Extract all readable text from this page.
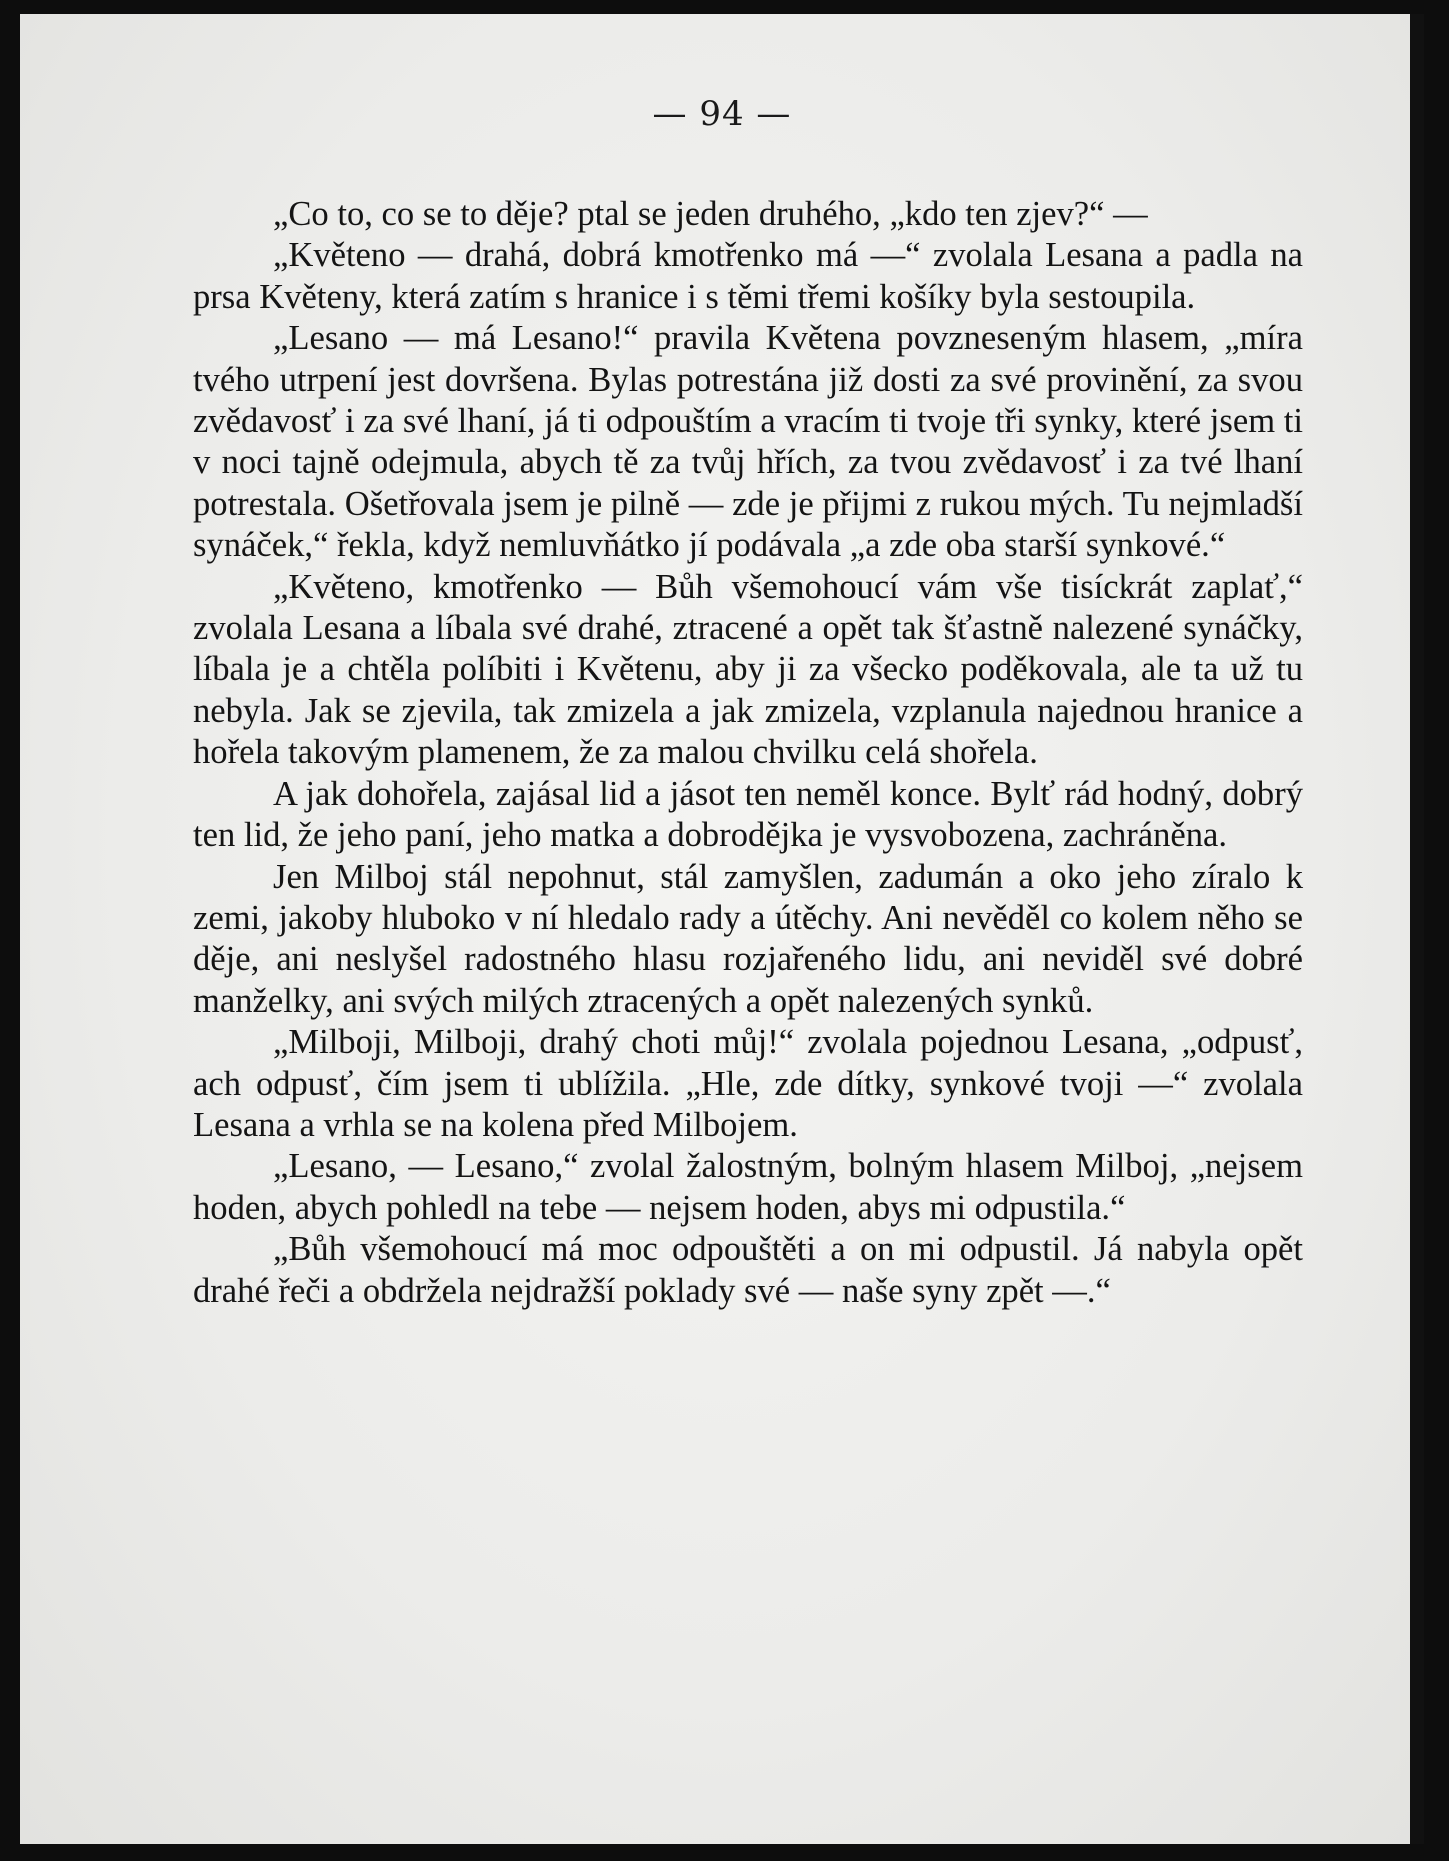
— 94 —

„Co to, co se to děje? ptal se jeden druhého, „kdo ten zjev?“ —

„Květeno — drahá, dobrá kmotřenko má —“ zvolala Lesana a padla na prsa Květeny, která zatím s hranice i s těmi třemi košíky byla sestoupila.

„Lesano — má Lesano!“ pravila Květena povzneseným hlasem, „míra tvého utrpení jest dovršena. Bylas potrestána již dosti za své provinění, za svou zvědavosť i za své lhaní, já ti odpouštím a vracím ti tvoje tři synky, které jsem ti v noci tajně odejmula, abych tě za tvůj hřích, za tvou zvědavosť i za tvé lhaní potrestala. Ošetřovala jsem je pilně — zde je přijmi z rukou mých. Tu nejmladší synáček,“ řekla, když nemluvňátko jí podávala „a zde oba starší synkové.“

„Květeno, kmotřenko — Bůh všemohoucí vám vše tisíckrát zaplať,“ zvolala Lesana a líbala své drahé, ztracené a opět tak šťastně nalezené synáčky, líbala je a chtěla políbiti i Květenu, aby ji za všecko poděkovala, ale ta už tu nebyla. Jak se zjevila, tak zmizela a jak zmizela, vzplanula najednou hranice a hořela takovým plamenem, že za malou chvilku celá shořela.

A jak dohořela, zajásal lid a jásot ten neměl konce. Bylť rád hodný, dobrý ten lid, že jeho paní, jeho matka a dobroděјka je vysvobozena, zachráněna.

Jen Milboj stál nepohnut, stál zamyšlen, zadumán a oko jeho zíralo k zemi, jakoby hluboko v ní hledalo rady a útěchy. Ani nevěděl co kolem něho se děje, ani neslyšel radostného hlasu rozjařeného lidu, ani neviděl své dobré manželky, ani svých milých ztracených a opět nalezených synků.

„Milboji, Milboji, drahý choti můj!“ zvolala pojednou Lesana, „odpusť, ach odpusť, čím jsem ti ublížila. „Hle, zde dítky, synkové tvoji —“ zvolala Lesana a vrhla se na kolena před Milbojem.

„Lesano, — Lesano,“ zvolal žalostným, bolným hlasem Milboj, „nejsem hoden, abych pohledl na tebe — nejsem hoden, abys mi odpustila.“

„Bůh všemohoucí má moc odpouštěti a on mi odpustil. Já nabyla opět drahé řeči a obdržela nejdražší poklady své — naše syny zpět —.“
